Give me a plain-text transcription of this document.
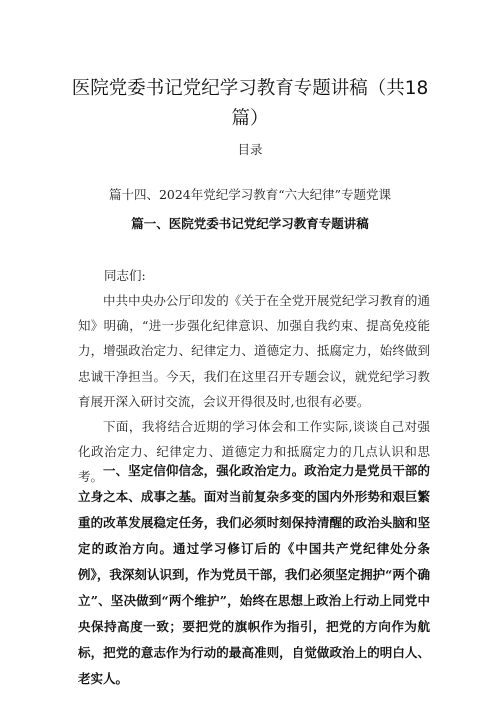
医院党委书记党纪学习教育专题讲稿（共18篇）
目录
篇十四、2024年党纪学习教育“六大纪律”专题党课
篇一、医院党委书记党纪学习教育专题讲稿
同志们:

中共中央办公厅印发的《关于在全党开展党纪学习教育的通知》明确，“进一步强化纪律意识、加强自我约束、提高免疫能力，增强政治定力、纪律定力、道德定力、抵腐定力，始终做到忠诚干净担当。今天，我们在这里召开专题会议，就党纪学习教育展开深入研讨交流，会议开得很及时,也很有必要。

下面，我将结合近期的学习体会和工作实际,谈谈自己对强化政治定力、纪律定力、道德定力和抵腐定力的几点认识和思考。 一、坚定信仰信念，强化政治定力。政治定力是党员干部的立身之本、成事之基。面对当前复杂多变的国内外形势和艰巨繁重的改革发展稳定任务，我们必须时刻保持清醒的政治头脑和坚定的政治方向。通过学习修订后的《中国共产党纪律处分条例》，我深刻认识到，作为党员干部，我们必须坚定拥护“两个确立”、坚决做到“两个维护”，始终在思想上政治上行动上同党中央保持高度一致；要把党的旗帜作为指引，把党的方向作为航标，把党的意志作为行动的最高准则，自觉做政治上的明白人、老实人。
